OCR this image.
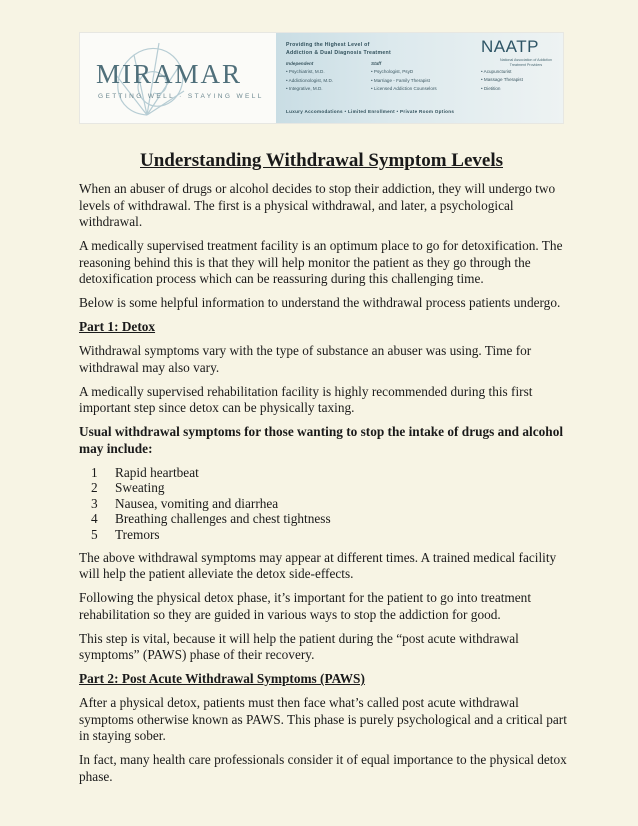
MIRAMAR
GETTING WELL · STAYING WELL
Providing the Highest Level of
Addiction & Dual Diagnosis Treatment
Independent
• Psychiatrist, M.D.
• Addictionologist, M.D.
• Integrative, M.D.
Staff
• Psychologist, PsyD
• Marriage - Family Therapist
• Licensed Addiction Counselors
• Acupuncturist
• Massage Therapist
• Dietition
Luxury Accomodations • Limited Enrollment • Private Room Options
NAATP
National Association of Addiction Treatment Providers
Understanding Withdrawal Symptom Levels

When an abuser of drugs or alcohol decides to stop their addiction, they will undergo two levels of withdrawal. The first is a physical withdrawal, and later, a psychological withdrawal.

A medically supervised treatment facility is an optimum place to go for detoxification. The reasoning behind this is that they will help monitor the patient as they go through the detoxification process which can be reassuring during this challenging time.

Below is some helpful information to understand the withdrawal process patients undergo.

Part 1: Detox

Withdrawal symptoms vary with the type of substance an abuser was using. Time for withdrawal may also vary.

A medically supervised rehabilitation facility is highly recommended during this first important step since detox can be physically taxing.

Usual withdrawal symptoms for those wanting to stop the intake of drugs and alcohol may include:

1	Rapid heartbeat
2	Sweating
3	Nausea, vomiting and diarrhea
4	Breathing challenges and chest tightness
5	Tremors

The above withdrawal symptoms may appear at different times. A trained medical facility will help the patient alleviate the detox side-effects.

Following the physical detox phase, it’s important for the patient to go into treatment rehabilitation so they are guided in various ways to stop the addiction for good.

This step is vital, because it will help the patient during the “post acute withdrawal symptoms” (PAWS) phase of their recovery.

Part 2: Post Acute Withdrawal Symptoms (PAWS)

After a physical detox, patients must then face what’s called post acute withdrawal symptoms otherwise known as PAWS. This phase is purely psychological and a critical part in staying sober.

In fact, many health care professionals consider it of equal importance to the physical detox phase.
